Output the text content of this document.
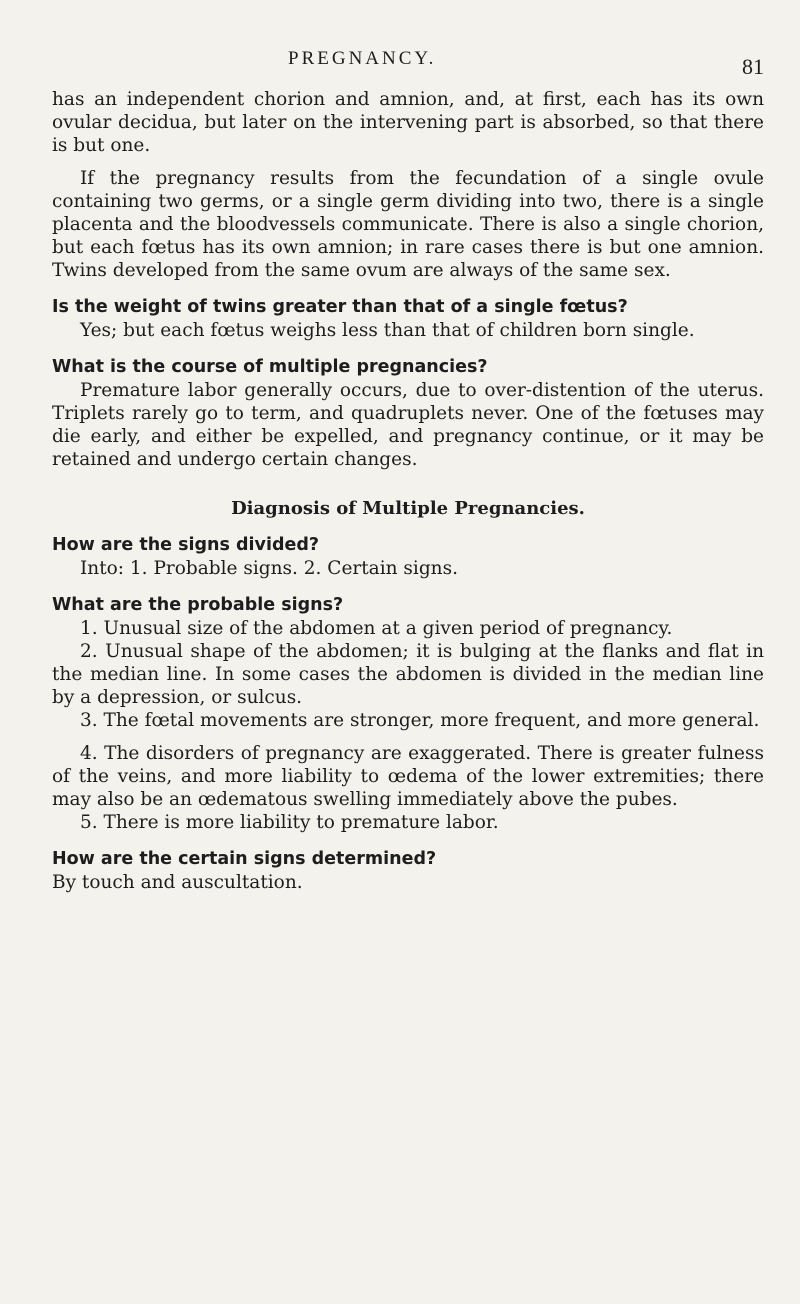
PREGNANCY.	81

has an independent chorion and amnion, and, at first, each has its own ovular decidua, but later on the intervening part is absorbed, so that there is but one.

If the pregnancy results from the fecundation of a single ovule containing two germs, or a single germ dividing into two, there is a single placenta and the bloodvessels communicate. There is also a single chorion, but each fœtus has its own amnion; in rare cases there is but one amnion. Twins developed from the same ovum are always of the same sex.

Is the weight of twins greater than that of a single fœtus?

Yes; but each fœtus weighs less than that of children born single.

What is the course of multiple pregnancies?

Premature labor generally occurs, due to over-distention of the uterus. Triplets rarely go to term, and quadruplets never. One of the fœtuses may die early, and either be expelled, and pregnancy continue, or it may be retained and undergo certain changes.

Diagnosis of Multiple Pregnancies.

How are the signs divided?

Into: 1. Probable signs. 2. Certain signs.

What are the probable signs?

1. Unusual size of the abdomen at a given period of pregnancy.

2. Unusual shape of the abdomen; it is bulging at the flanks and flat in the median line. In some cases the abdomen is divided in the median line by a depression, or sulcus.

3. The fœtal movements are stronger, more frequent, and more general.

4. The disorders of pregnancy are exaggerated. There is greater fulness of the veins, and more liability to œdema of the lower extremities; there may also be an œdematous swelling immediately above the pubes.

5. There is more liability to premature labor.

How are the certain signs determined?

By touch and auscultation.
